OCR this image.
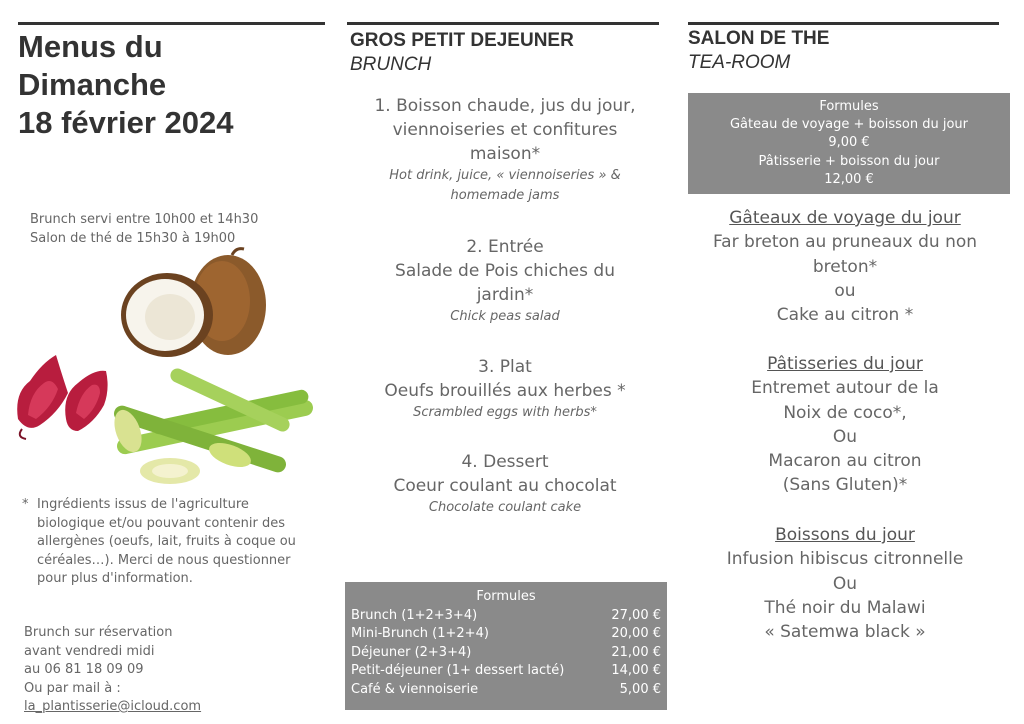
Menus du
Dimanche
18 février 2024
Brunch servi entre 10h00 et 14h30
Salon de thé de 15h30 à 19h00
* Ingrédients issus de l'agriculture
biologique et/ou pouvant contenir des
allergènes (oeufs, lait, fruits à coque ou
céréales…). Merci de nous questionner
pour plus d'information.
Brunch sur réservation
avant vendredi midi
au 06 81 18 09 09
Ou par mail à :
la_plantisserie@icloud.com
GROS PETIT DEJEUNER
BRUNCH
1. Boisson chaude, jus du jour,
viennoiseries et confitures
maison*
Hot drink, juice, « viennoiseries » &
homemade jams
2. Entrée
Salade de Pois chiches du
jardin*
Chick peas salad
3. Plat
Oeufs brouillés aux herbes *
Scrambled eggs with herbs*
4. Dessert
Coeur coulant au chocolat
Chocolate coulant cake
Formules
Brunch (1+2+3+4)	27,00 €
Mini-Brunch (1+2+4)	20,00 €
Déjeuner (2+3+4)	21,00 €
Petit-déjeuner (1+ dessert lacté)	14,00 €
Café & viennoiserie	5,00 €
SALON DE THE
TEA-ROOM
Formules
Gâteau de voyage + boisson du jour
9,00 €
Pâtisserie + boisson du jour
12,00 €
Gâteaux de voyage du jour
Far breton au pruneaux du non
breton*
ou
Cake au citron *
Pâtisseries du jour
Entremet autour de la
Noix de coco*,
Ou
Macaron au citron
(Sans Gluten)*
Boissons du jour
Infusion hibiscus citronnelle
Ou
Thé noir du Malawi
« Satemwa black »
